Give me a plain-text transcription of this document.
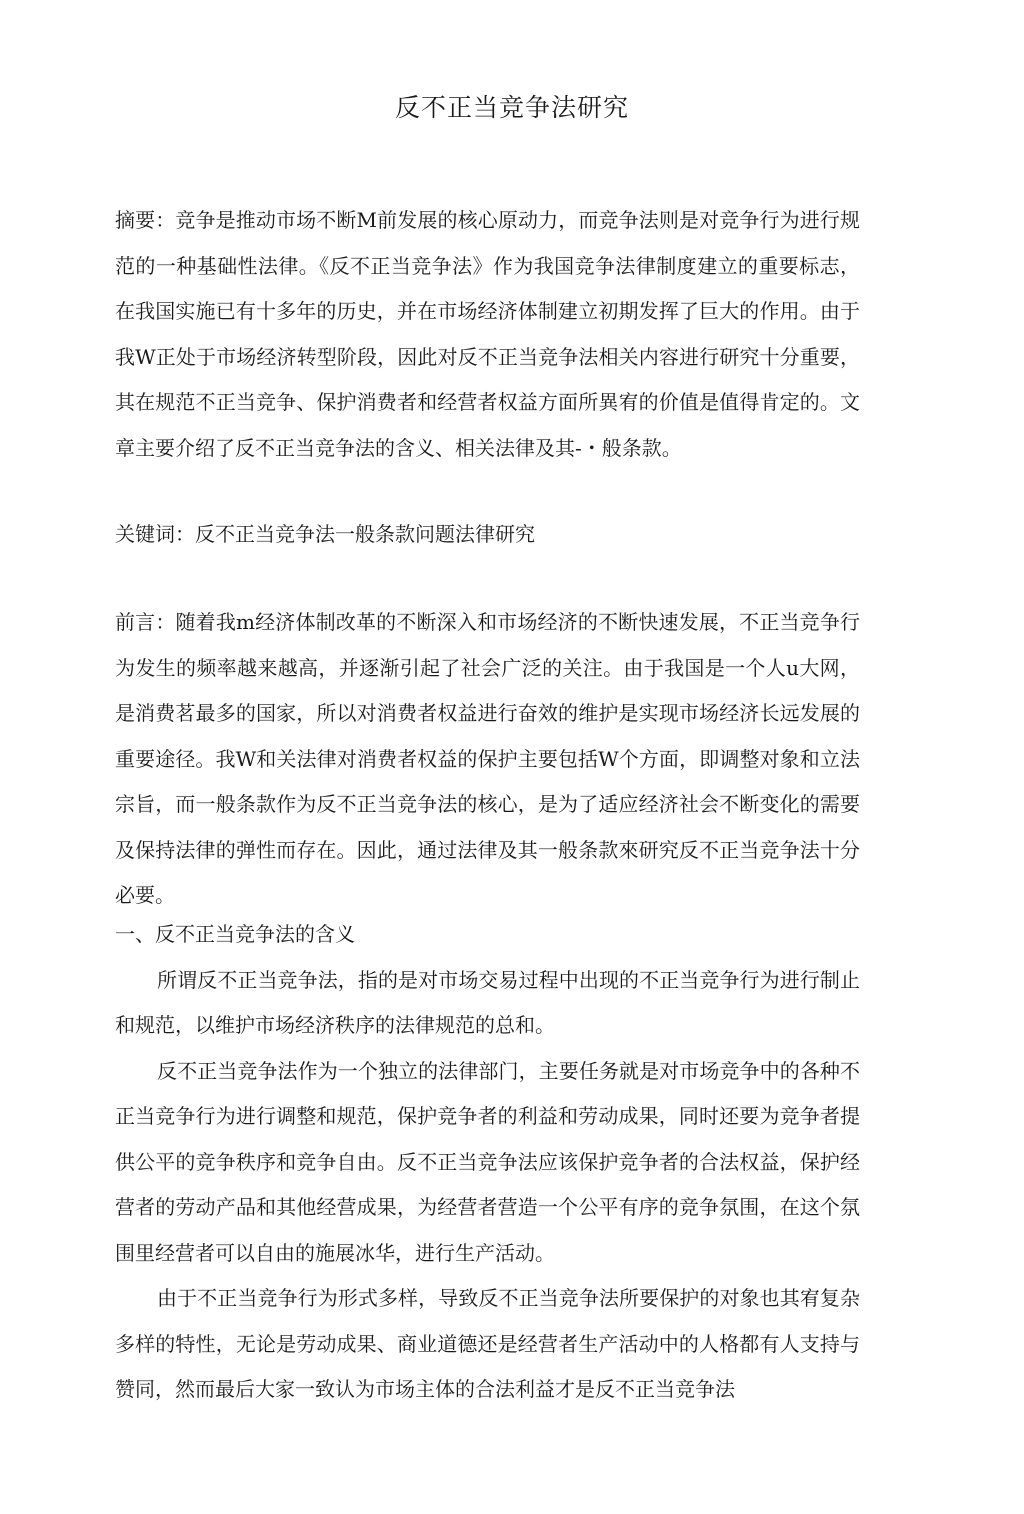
反不正当竞争法研究

摘要：竞争是推动市场不断M前发展的核心原动力，而竞争法则是对竞争行为进行规范的一种基础性法律。《反不正当竞争法》作为我国竞争法律制度建立的重要标志，在我国实施已有十多年的历史，并在市场经济体制建立初期发挥了巨大的作用。由于我W正处于市场经济转型阶段，因此对反不正当竞争法相关内容进行研究十分重要，其在规范不正当竞争、保护消费者和经营者权益方面所異宥的价值是值得肯定的。文章主要介绍了反不正当竞争法的含义、相关法律及其-・般条款。

关键词：反不正当竞争法一般条款问题法律研究

前言：随着我m经济体制改革的不断深入和市场经济的不断快速发展，不正当竞争行为发生的频率越来越高，并逐渐引起了社会广泛的关注。由于我国是一个人u大网，是消费茗最多的国家，所以对消费者权益进行奋效的维护是实现市场经济长远发展的重要途径。我W和关法律对消费者权益的保护主要包括W个方面，即调整对象和立法宗旨，而一般条款作为反不正当竞争法的核心，是为了适应经济社会不断变化的需要及保持法律的弹性而存在。因此，通过法律及其一般条款來研究反不正当竞争法十分必要。

一、反不正当竞争法的含义

所谓反不正当竞争法，指的是对市场交易过程中出现的不正当竞争行为进行制止和规范，以维护市场经济秩序的法律规范的总和。

反不正当竞争法作为一个独立的法律部门，主要任务就是对市场竞争中的各种不正当竞争行为进行调整和规范，保护竞争者的利益和劳动成果，同时还要为竞争者提供公平的竞争秩序和竞争自由。反不正当竞争法应该保护竞争者的合法权益，保护经营者的劳动产品和其他经营成果，为经营者营造一个公平有序的竞争氛围，在这个氛围里经营者可以自由的施展冰华，进行生产活动。

由于不正当竞争行为形式多样，导致反不正当竞争法所要保护的对象也其宥复杂多样的特性，无论是劳动成果、商业道德还是经营者生产活动中的人格都有人支持与赞同，然而最后大家一致认为市场主体的合法利益才是反不正当竞争法
